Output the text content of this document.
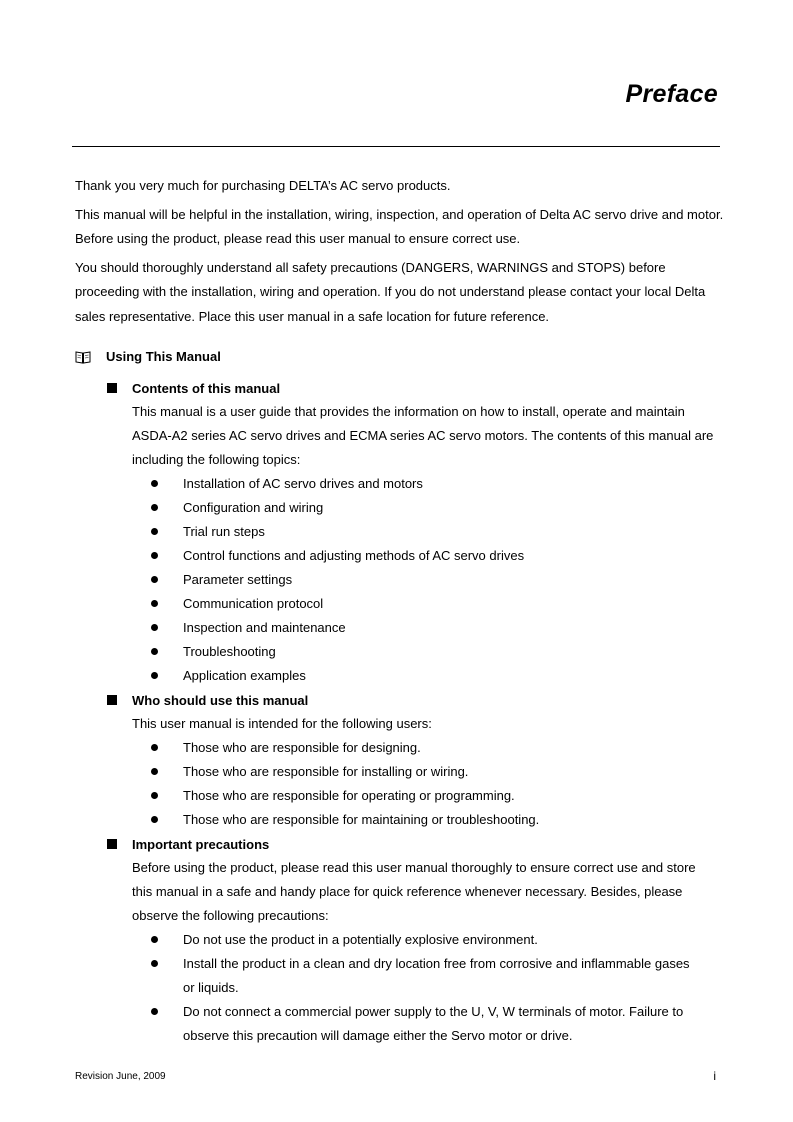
Preface

Thank you very much for purchasing DELTA’s AC servo products.

This manual will be helpful in the installation, wiring, inspection, and operation of Delta AC servo drive and motor. Before using the product, please read this user manual to ensure correct use.

You should thoroughly understand all safety precautions (DANGERS, WARNINGS and STOPS) before proceeding with the installation, wiring and operation. If you do not understand please contact your local Delta sales representative. Place this user manual in a safe location for future reference.

Using This Manual
Contents of this manual
This manual is a user guide that provides the information on how to install, operate and maintain ASDA-A2 series AC servo drives and ECMA series AC servo motors. The contents of this manual are including the following topics:
Installation of AC servo drives and motors
Configuration and wiring
Trial run steps
Control functions and adjusting methods of AC servo drives
Parameter settings
Communication protocol
Inspection and maintenance
Troubleshooting
Application examples
Who should use this manual
This user manual is intended for the following users:
Those who are responsible for designing.
Those who are responsible for installing or wiring.
Those who are responsible for operating or programming.
Those who are responsible for maintaining or troubleshooting.
Important precautions
Before using the product, please read this user manual thoroughly to ensure correct use and store this manual in a safe and handy place for quick reference whenever necessary. Besides, please observe the following precautions:
Do not use the product in a potentially explosive environment.
Install the product in a clean and dry location free from corrosive and inflammable gases or liquids.
Do not connect a commercial power supply to the U, V, W terminals of motor. Failure to observe this precaution will damage either the Servo motor or drive.
Revision June, 2009	i
